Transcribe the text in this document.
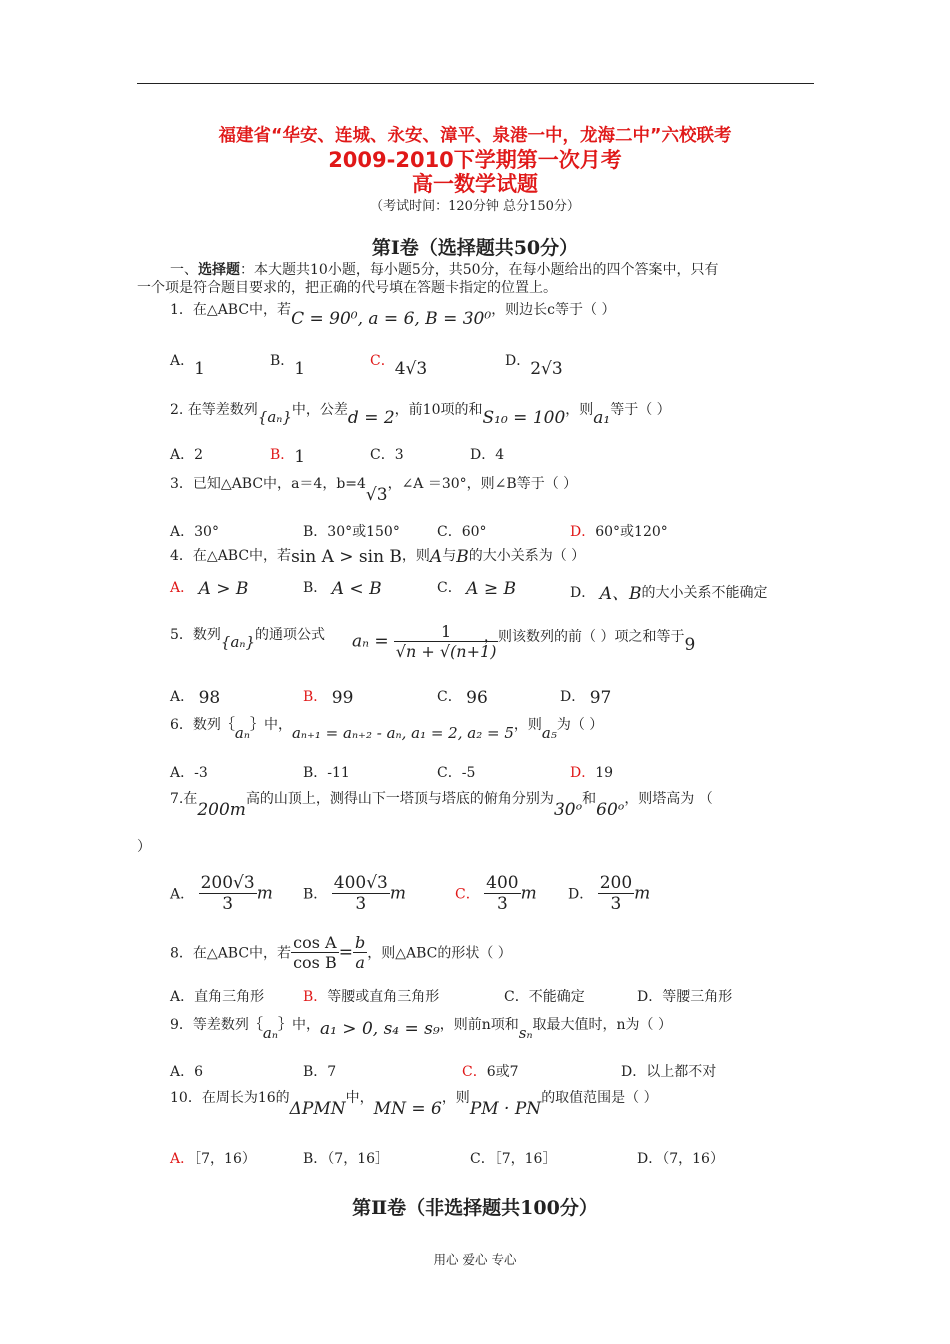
福建省“华安、连城、永安、漳平、泉港一中，龙海二中”六校联考
2009-2010下学期第一次月考
高一数学试题
（考试时间：120分钟 总分150分）
第Ⅰ卷（选择题共50分）
一、选择题：本大题共10小题，每小题5分，共50分，在每小题给出的四个答案中，只有
一个项是符合题目要求的，把正确的代号填在答题卡指定的位置上。
1．在△ABC中，若C = 90⁰, a = 6, B = 30⁰，则边长c等于（ ）
A．1	B．1	C．4√3	D．2√3
2. 在等差数列{aₙ}中，公差d = 2，前10项的和S₁₀ = 100，则a₁等于（ ）
A．2	B．1	C．3	D．4
3．已知△ABC中，a＝4，b=4√3，∠A ＝30°，则∠B等于（ ）
A．30°	B．30°或150°	C．60°	D．60°或120°
4．在△ABC中，若sin A > sin B，则A与B的大小关系为（ ）
A． A > B	B． A < B	C． A ≥ B	D． A、B的大小关系不能确定
5．数列{aₙ}的通项公式 $a_n = \frac{1}{√n + √(n+1)}$
，则该数列的前（ ）项之和等于9
A． 98	B． 99	C． 96	D． 97
6．数列｛aₙ｝中，aₙ₊₁ = aₙ₊₂ - aₙ, a₁ = 2, a₂ = 5，则a₅为（ ）
A．-3	B．-11	C．-5	D．19
7.在200m高的山顶上，测得山下一塔顶与塔底的俯角分别为30ᵒ和60ᵒ，则塔高为 （
）
A． $\frac{200√3}{3}$ m B． $\frac{400√3}{3}$ m	C． $\frac{400}{3}$ m D． $\frac{200}{3}$ m
8．在△ABC中，若 $\frac{\text{cos A}}{\text{cos B}} = \frac{b}{a}$ ，则△ABC的形状（ ）
A．直角三角形	B．等腰或直角三角形	C．不能确定	D．等腰三角形
9．等差数列｛aₙ｝中，a₁ > 0, s₄ = s₉，则前n项和sₙ取最大值时，n为（ ）
A．6	B．7	C．6或7	D．以上都不对
10．在周长为16的ΔPMN中，MN = 6，则PM · PN的取值范围是（ ）
A．［7，16）	B．（7，16］	C．［7，16］	D．（7，16）
第Ⅱ卷（非选择题共100分）
用心 爱心 专心
